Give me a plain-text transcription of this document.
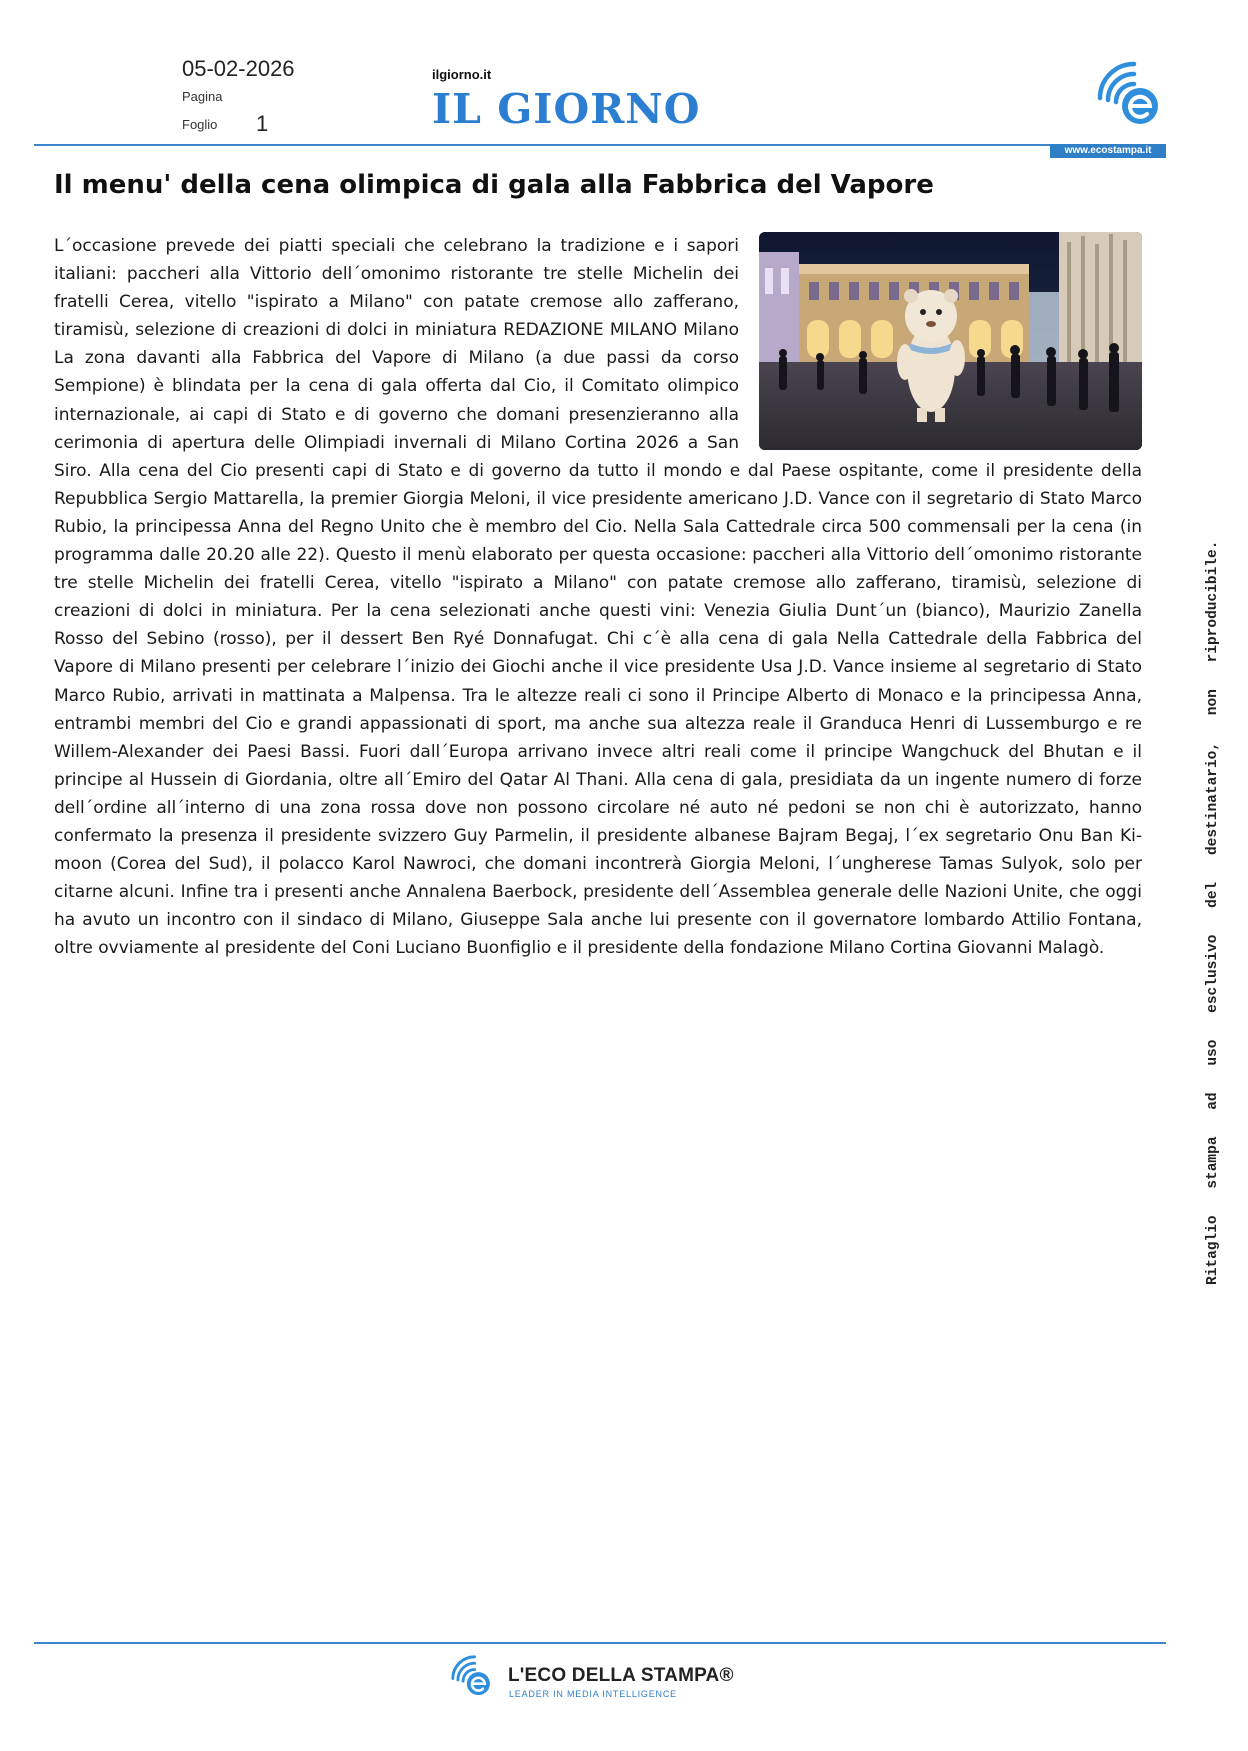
05-02-2026
Pagina
Foglio 1
ilgiorno.it
IL GIORNO
www.ecostampa.it
Il menu' della cena olimpica di gala alla Fabbrica del Vapore
L´occasione prevede dei piatti speciali che celebrano la tradizione e i sapori italiani: paccheri alla Vittorio dell´omonimo ristorante tre stelle Michelin dei fratelli Cerea, vitello "ispirato a Milano" con patate cremose allo zafferano, tiramisù, selezione di creazioni di dolci in miniatura REDAZIONE MILANO Milano La zona davanti alla Fabbrica del Vapore di Milano (a due passi da corso Sempione) è blindata per la cena di gala offerta dal Cio, il Comitato olimpico internazionale, ai capi di Stato e di governo che domani presenzieranno alla cerimonia di apertura delle Olimpiadi invernali di Milano Cortina 2026 a San Siro. Alla cena del Cio presenti capi di Stato e di governo da tutto il mondo e dal Paese ospitante, come il presidente della Repubblica Sergio Mattarella, la premier Giorgia Meloni, il vice presidente americano J.D. Vance con il segretario di Stato Marco Rubio, la principessa Anna del Regno Unito che è membro del Cio. Nella Sala Cattedrale circa 500 commensali per la cena (in programma dalle 20.20 alle 22). Questo il menù elaborato per questa occasione: paccheri alla Vittorio dell´omonimo ristorante tre stelle Michelin dei fratelli Cerea, vitello "ispirato a Milano" con patate cremose allo zafferano, tiramisù, selezione di creazioni di dolci in miniatura. Per la cena selezionati anche questi vini: Venezia Giulia Dunt´un (bianco), Maurizio Zanella Rosso del Sebino (rosso), per il dessert Ben Ryé Donnafugat. Chi c´è alla cena di gala Nella Cattedrale della Fabbrica del Vapore di Milano presenti per celebrare l´inizio dei Giochi anche il vice presidente Usa J.D. Vance insieme al segretario di Stato Marco Rubio, arrivati in mattinata a Malpensa. Tra le altezze reali ci sono il Principe Alberto di Monaco e la principessa Anna, entrambi membri del Cio e grandi appassionati di sport, ma anche sua altezza reale il Granduca Henri di Lussemburgo e re Willem-Alexander dei Paesi Bassi. Fuori dall´Europa arrivano invece altri reali come il principe Wangchuck del Bhutan e il principe al Hussein di Giordania, oltre all´Emiro del Qatar Al Thani. Alla cena di gala, presidiata da un ingente numero di forze dell´ordine all´interno di una zona rossa dove non possono circolare né auto né pedoni se non chi è autorizzato, hanno confermato la presenza il presidente svizzero Guy Parmelin, il presidente albanese Bajram Begaj, l´ex segretario Onu Ban Ki- moon (Corea del Sud), il polacco Karol Nawroci, che domani incontrerà Giorgia Meloni, l´ungherese Tamas Sulyok, solo per citarne alcuni. Infine tra i presenti anche Annalena Baerbock, presidente dell´Assemblea generale delle Nazioni Unite, che oggi ha avuto un incontro con il sindaco di Milano, Giuseppe Sala anche lui presente con il governatore lombardo Attilio Fontana, oltre ovviamente al presidente del Coni Luciano Buonfiglio e il presidente della fondazione Milano Cortina Giovanni Malagò.	Ritaglio stampa ad uso esclusivo del destinatario, non riproducibile.
L'ECO DELLA STAMPA®
LEADER IN MEDIA INTELLIGENCE
